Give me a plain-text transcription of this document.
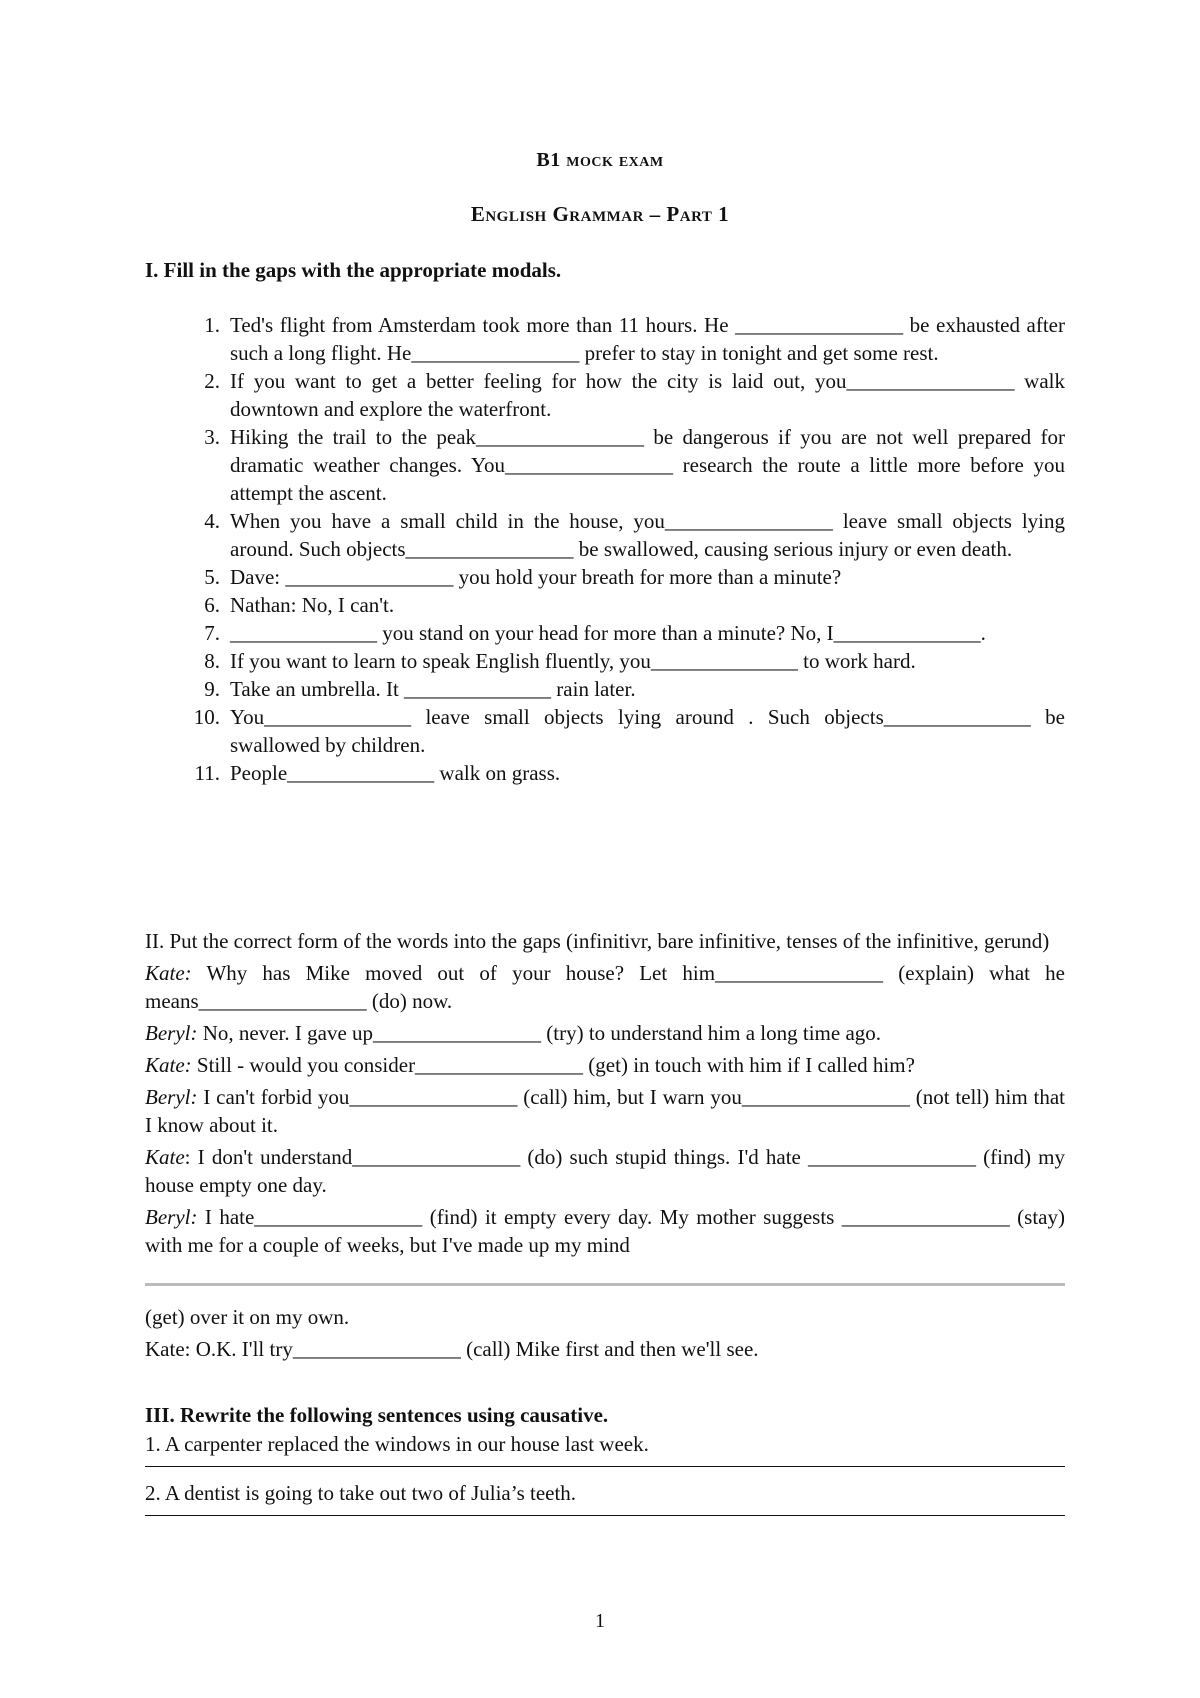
B1 mock exam
English Grammar – Part 1
I. Fill in the gaps with the appropriate modals.
1. Ted's flight from Amsterdam took more than 11 hours. He ________________ be exhausted after such a long flight. He________________ prefer to stay in tonight and get some rest.
2. If you want to get a better feeling for how the city is laid out, you________________ walk downtown and explore the waterfront.
3. Hiking the trail to the peak________________ be dangerous if you are not well prepared for dramatic weather changes. You________________ research the route a little more before you attempt the ascent.
4. When you have a small child in the house, you________________ leave small objects lying around. Such objects________________ be swallowed, causing serious injury or even death.
5. Dave: ________________ you hold your breath for more than a minute?
6. Nathan: No, I can't.
7. ______________ you stand on your head for more than a minute? No, I______________.
8. If you want to learn to speak English fluently, you______________ to work hard.
9. Take an umbrella. It ______________ rain later.
10. You______________ leave small objects lying around . Such objects______________ be swallowed by children.
11. People______________ walk on grass.

II. Put the correct form of the words into the gaps (infinitivr, bare infinitive, tenses of the infinitive, gerund)

Kate: Why has Mike moved out of your house? Let him________________ (explain) what he means________________ (do) now.

Beryl: No, never. I gave up________________ (try) to understand him a long time ago.

Kate: Still - would you consider________________ (get) in touch with him if I called him?

Beryl: I can't forbid you________________ (call) him, but I warn you________________ (not tell) him that I know about it.

Kate: I don't understand________________ (do) such stupid things. I'd hate ________________ (find) my house empty one day.

Beryl: I hate________________ (find) it empty every day. My mother suggests ________________ (stay) with me for a couple of weeks, but I've made up my mind

(get) over it on my own.

Kate: O.K. I'll try________________ (call) Mike first and then we'll see.

III. Rewrite the following sentences using causative.

1. A carpenter replaced the windows in our house last week.

2. A dentist is going to take out two of Julia’s teeth.

1
